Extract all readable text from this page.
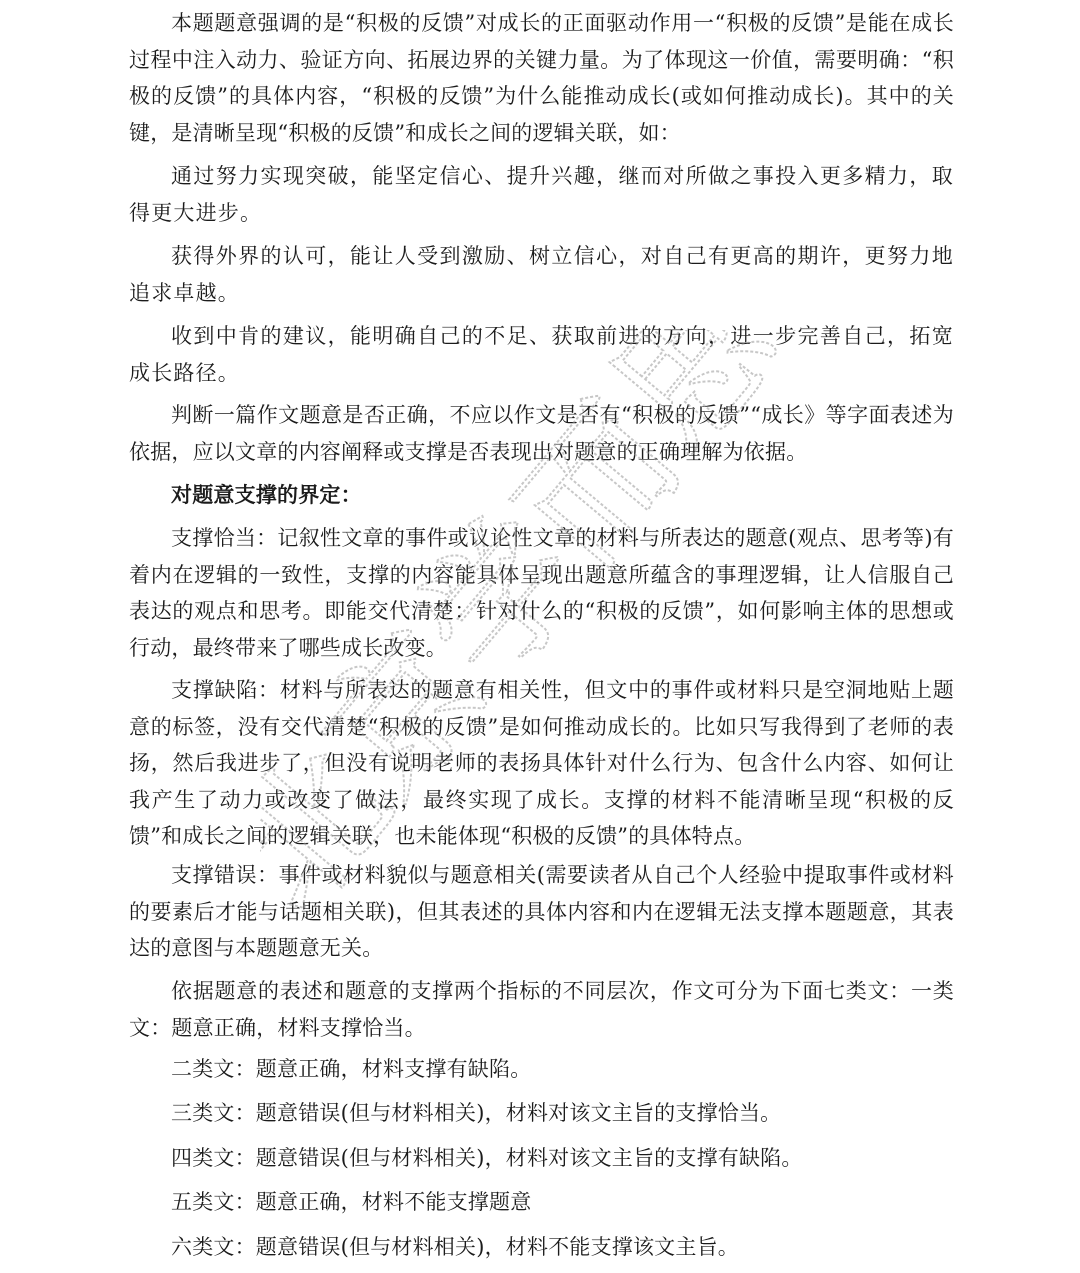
本题题意强调的是“积极的反馈”对成长的正面驱动作用一“积极的反馈”是能在成长过程中注入动力、验证方向、拓展边界的关键力量。为了体现这一价值，需要明确：“积极的反馈”的具体内容，“积极的反馈”为什么能推动成长(或如何推动成长)。其中的关键，是清晰呈现“积极的反馈”和成长之间的逻辑关联，如：

通过努力实现突破，能坚定信心、提升兴趣，继而对所做之事投入更多精力，取得更大进步。

获得外界的认可，能让人受到激励、树立信心，对自己有更高的期许，更努力地追求卓越。

收到中肯的建议，能明确自己的不足、获取前进的方向，进一步完善自己，拓宽成长路径。

判断一篇作文题意是否正确，不应以作文是否有“积极的反馈”“成长》等字面表述为依据，应以文章的内容阐释或支撑是否表现出对题意的正确理解为依据。

对题意支撑的界定：

支撑恰当：记叙性文章的事件或议论性文章的材料与所表达的题意(观点、思考等)有着内在逻辑的一致性，支撑的内容能具体呈现出题意所蕴含的事理逻辑，让人信服自己表达的观点和思考。即能交代清楚：针对什么的“积极的反馈”，如何影响主体的思想或行动，最终带来了哪些成长改变。

支撑缺陷：材料与所表达的题意有相关性，但文中的事件或材料只是空洞地贴上题意的标签，没有交代清楚“积极的反馈”是如何推动成长的。比如只写我得到了老师的表扬，然后我进步了，但没有说明老师的表扬具体针对什么行为、包含什么内容、如何让我产生了动力或改变了做法，最终实现了成长。支撑的材料不能清晰呈现“积极的反馈”和成长之间的逻辑关联，也未能体现“积极的反馈”的具体特点。

支撑错误：事件或材料貌似与题意相关(需要读者从自己个人经验中提取事件或材料的要素后才能与话题相关联)，但其表述的具体内容和内在逻辑无法支撑本题题意，其表达的意图与本题题意无关。

依据题意的表述和题意的支撑两个指标的不同层次，作文可分为下面七类文：一类文：题意正确，材料支撑恰当。

二类文：题意正确，材料支撑有缺陷。

三类文：题意错误(但与材料相关)，材料对该文主旨的支撑恰当。

四类文：题意错误(但与材料相关)，材料对该文主旨的支撑有缺陷。

五类文：题意正确，材料不能支撑题意

六类文：题意错误(但与材料相关)，材料不能支撑该文主旨。

北京学而思教育
